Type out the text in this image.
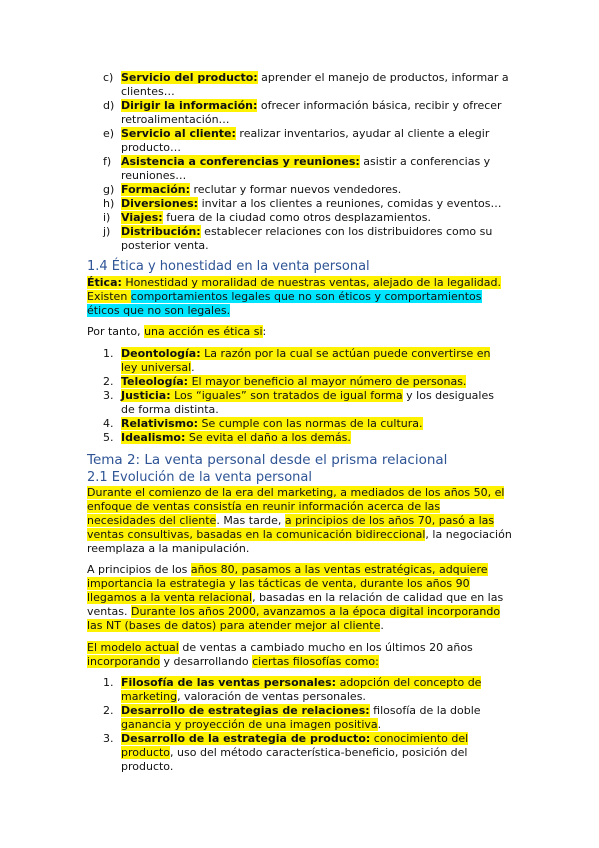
c) Servicio del producto: aprender el manejo de productos, informar a
clientes…
d) Dirigir la información: ofrecer información básica, recibir y ofrecer
retroalimentación…
e) Servicio al cliente: realizar inventarios, ayudar al cliente a elegir
producto…
f) Asistencia a conferencias y reuniones: asistir a conferencias y
reuniones…
g) Formación: reclutar y formar nuevos vendedores.
h) Diversiones: invitar a los clientes a reuniones, comidas y eventos…
i) Viajes: fuera de la ciudad como otros desplazamientos.
j) Distribución: establecer relaciones con los distribuidores como su
posterior venta.
1.4 Ética y honestidad en la venta personal
Ética: Honestidad y moralidad de nuestras ventas, alejado de la legalidad.
Existen comportamientos legales que no son éticos y comportamientos
éticos que no son legales.
Por tanto, una acción es ética si:
1. Deontología: La razón por la cual se actúan puede convertirse en
ley universal.
2. Teleología: El mayor beneficio al mayor número de personas.
3. Justicia: Los “iguales” son tratados de igual forma y los desiguales
de forma distinta.
4. Relativismo: Se cumple con las normas de la cultura.
5. Idealismo: Se evita el daño a los demás.
Tema 2: La venta personal desde el prisma relacional
2.1 Evolución de la venta personal
Durante el comienzo de la era del marketing, a mediados de los años 50, el
enfoque de ventas consistía en reunir información acerca de las
necesidades del cliente. Mas tarde, a principios de los años 70, pasó a las
ventas consultivas, basadas en la comunicación bidireccional, la negociación
reemplaza a la manipulación.
A principios de los años 80, pasamos a las ventas estratégicas, adquiere
importancia la estrategia y las tácticas de venta, durante los años 90
llegamos a la venta relacional, basadas en la relación de calidad que en las
ventas. Durante los años 2000, avanzamos a la época digital incorporando
las NT (bases de datos) para atender mejor al cliente.
El modelo actual de ventas a cambiado mucho en los últimos 20 años
incorporando y desarrollando ciertas filosofías como:
1. Filosofía de las ventas personales: adopción del concepto de
marketing, valoración de ventas personales.
2. Desarrollo de estrategias de relaciones: filosofía de la doble
ganancia y proyección de una imagen positiva.
3. Desarrollo de la estrategia de producto: conocimiento del
producto, uso del método característica-beneficio, posición del
producto.
